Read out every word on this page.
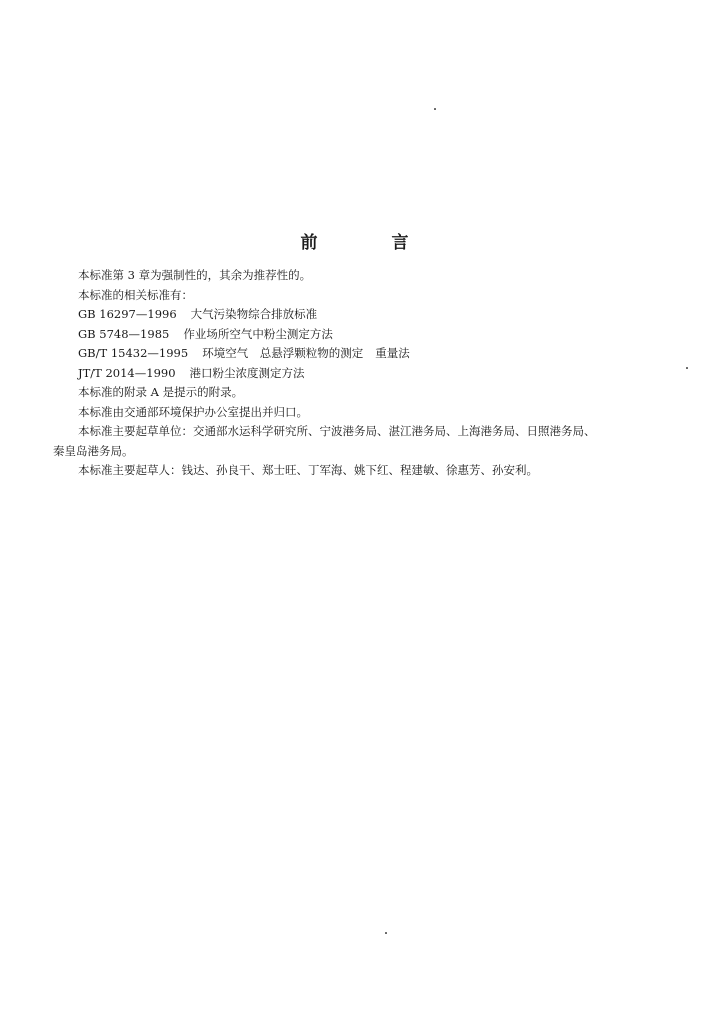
前 言
本标准第 3 章为强制性的，其余为推荐性的。
本标准的相关标准有：
GB 16297—1996 大气污染物综合排放标准
GB 5748—1985 作业场所空气中粉尘测定方法
GB/T 15432—1995 环境空气　总悬浮颗粒物的测定 重量法
JT/T 2014—1990 港口粉尘浓度测定方法
本标准的附录 A 是提示的附录。
本标准由交通部环境保护办公室提出并归口。
本标准主要起草单位：交通部水运科学研究所、宁波港务局、湛江港务局、上海港务局、日照港务局、
秦皇岛港务局。
本标准主要起草人：钱达、孙良干、郑士旺、丁军海、姚下红、程建敏、徐惠芳、孙安利。
